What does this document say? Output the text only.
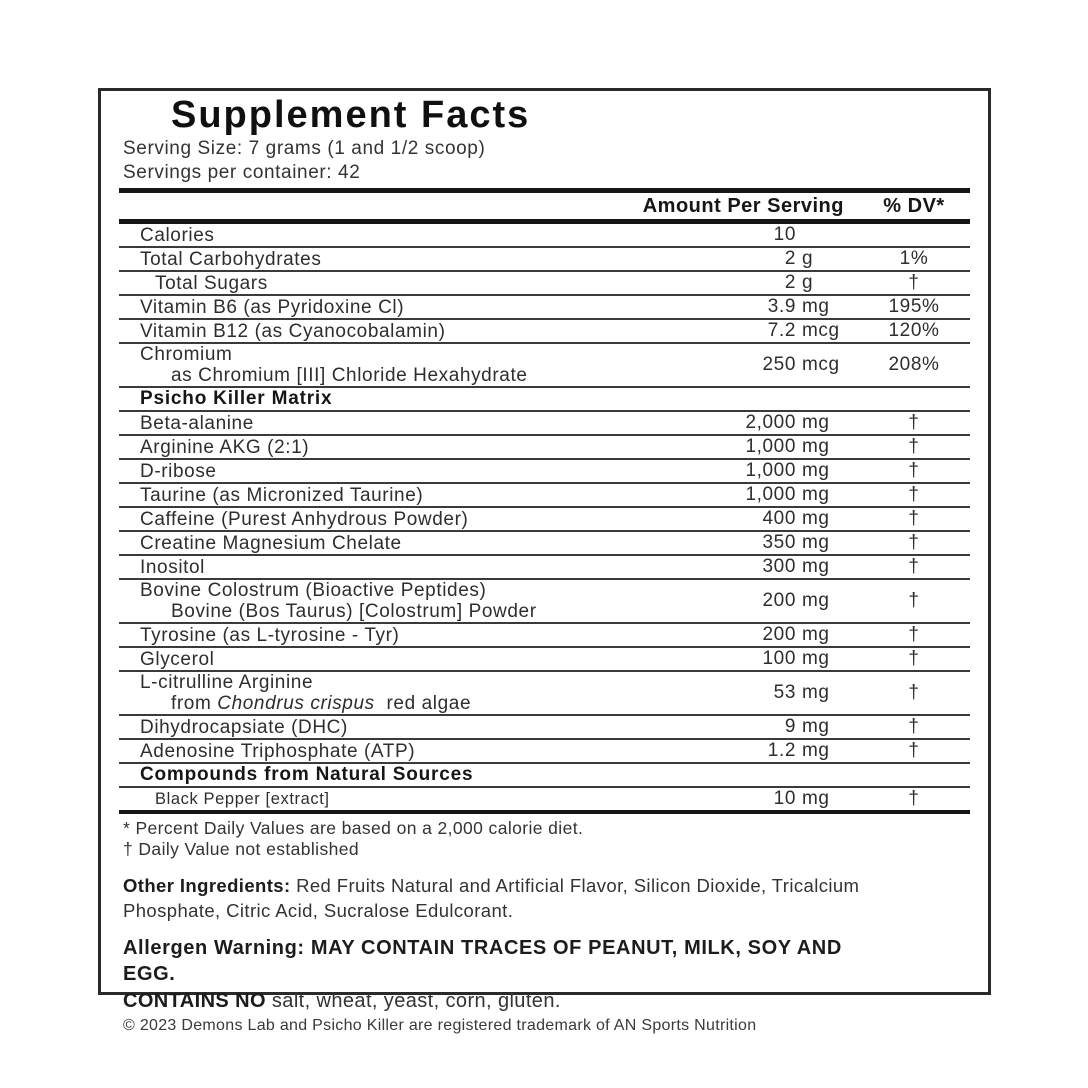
Supplement Facts
Serving Size: 7 grams (1 and 1/2 scoop)
Servings per container: 42
Amount Per Serving	% DV*
Calories	10
Total Carbohydrates	2 g	1%
Total Sugars	2 g	†
Vitamin B6 (as Pyridoxine Cl)	3.9 mg	195%
Vitamin B12 (as Cyanocobalamin)	7.2 mcg	120%
Chromium
as Chromium [III] Chloride Hexahydrate
250 mcg	208%
Psicho Killer Matrix
Beta-alanine	2,000 mg	†
Arginine AKG (2:1)	1,000 mg	†
D-ribose	1,000 mg	†
Taurine (as Micronized Taurine)	1,000 mg	†
Caffeine (Purest Anhydrous Powder)	400 mg	†
Creatine Magnesium Chelate	350 mg	†
Inositol	300 mg	†
Bovine Colostrum (Bioactive Peptides)
Bovine (Bos Taurus) [Colostrum] Powder
200 mg	†
Tyrosine (as L-tyrosine - Tyr)	200 mg	†
Glycerol	100 mg	†
L-citrulline Arginine
from Chondrus crispus  red algae
53 mg	†
Dihydrocapsiate (DHC)	9 mg	†
Adenosine Triphosphate (ATP)	1.2 mg	†
Compounds from Natural Sources
Black Pepper [extract]	10 mg	†
* Percent Daily Values are based on a 2,000 calorie diet.
† Daily Value not established
Other Ingredients: Red Fruits Natural and Artificial Flavor, Silicon Dioxide, Tricalcium Phosphate, Citric Acid, Sucralose Edulcorant.
Allergen Warning: MAY CONTAIN TRACES OF PEANUT, MILK, SOY AND EGG.
CONTAINS NO salt, wheat, yeast, corn, gluten.
© 2023 Demons Lab and Psicho Killer are registered trademark of AN Sports Nutrition
